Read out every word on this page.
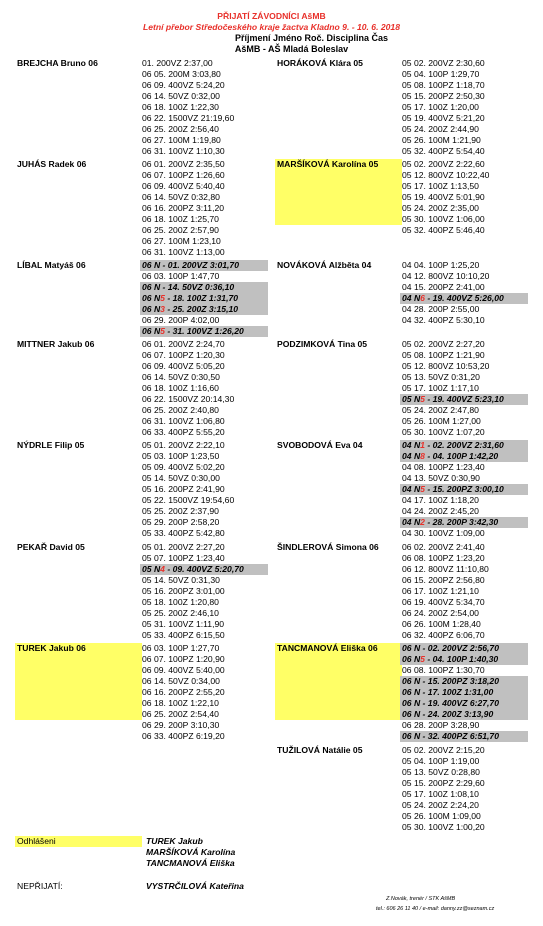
PŘIJATÍ ZÁVODNÍCI AšMB
Letní přebor Středočeského kraje žactva Kladno 9. - 10. 6. 2018
Příjmení Jméno Roč. Disciplina Čas
AšMB - AŠ Mladá Boleslav
BREJCHA Bruno 06	01. 200VZ 2:37,00
06 05. 200M 3:03,80
06 09. 400VZ 5:24,20
06 14. 50VZ 0:32,00
06 18. 100Z 1:22,30
06 22. 1500VZ 21:19,60
06 25. 200Z 2:56,40
06 27. 100M 1:19,80
06 31. 100VZ 1:10,30
JUHÁS Radek 06	06 01. 200VZ 2:35,50
06 07. 100PZ 1:26,60
06 09. 400VZ 5:40,40
06 14. 50VZ 0:32,80
06 16. 200PZ 3:11,20
06 18. 100Z 1:25,70
06 25. 200Z 2:57,90
06 27. 100M 1:23,10
06 31. 100VZ 1:13,00
LÍBAL Matyáš 06	06 N - 01. 200VZ 3:01,70
06 03. 100P 1:47,70
06 N - 14. 50VZ 0:36,10
06 N5 - 18. 100Z 1:31,70
06 N3 - 25. 200Z 3:15,10
06 29. 200P 4:02,00
06 N5 - 31. 100VZ 1:26,20
MITTNER Jakub 06	06 01. 200VZ 2:24,70
06 07. 100PZ 1:20,30
06 09. 400VZ 5:05,20
06 14. 50VZ 0:30,50
06 18. 100Z 1:16,60
06 22. 1500VZ 20:14,30
06 25. 200Z 2:40,80
06 31. 100VZ 1:06,80
06 33. 400PZ 5:55,20
NÝDRLE Filip 05	05 01. 200VZ 2:22,10
05 03. 100P 1:23,50
05 09. 400VZ 5:02,20
05 14. 50VZ 0:30,00
05 16. 200PZ 2:41,90
05 22. 1500VZ 19:54,60
05 25. 200Z 2:37,90
05 29. 200P 2:58,20
05 33. 400PZ 5:42,80
PEKAŘ David 05	05 01. 200VZ 2:27,20
05 07. 100PZ 1:23,40
05 N4 - 09. 400VZ 5:20,70
05 14. 50VZ 0:31,30
05 16. 200PZ 3:01,00
05 18. 100Z 1:20,80
05 25. 200Z 2:46,10
05 31. 100VZ 1:11,90
05 33. 400PZ 6:15,50
TUREK Jakub 06	06 03. 100P 1:27,70
06 07. 100PZ 1:20,90
06 09. 400VZ 5:40,00
06 14. 50VZ 0:34,00
06 16. 200PZ 2:55,20
06 18. 100Z 1:22,10
06 25. 200Z 2:54,40
06 29. 200P 3:10,30
06 33. 400PZ 6:19,20
HORÁKOVÁ Klára 05	05 02. 200VZ 2:30,60
05 04. 100P 1:29,70
05 08. 100PZ 1:18,70
05 15. 200PZ 2:50,30
05 17. 100Z 1:20,00
05 19. 400VZ 5:21,20
05 24. 200Z 2:44,90
05 26. 100M 1:21,90
05 32. 400PZ 5:54,40
MARŠÍKOVÁ Karolína 05	05 02. 200VZ 2:22,60
05 12. 800VZ 10:22,40
05 17. 100Z 1:13,50
05 19. 400VZ 5:01,90
05 24. 200Z 2:35,00
05 30. 100VZ 1:06,00
05 32. 400PZ 5:46,40
NOVÁKOVÁ Alžběta 04	04 04. 100P 1:25,20
04 12. 800VZ 10:10,20
04 15. 200PZ 2:41,00
04 N6 - 19. 400VZ 5:26,00
04 28. 200P 2:55,00
04 32. 400PZ 5:30,10
PODZIMKOVÁ Tina 05	05 02. 200VZ 2:27,20
05 08. 100PZ 1:21,90
05 12. 800VZ 10:53,20
05 13. 50VZ 0:31,20
05 17. 100Z 1:17,10
05 N5 - 19. 400VZ 5:23,10
05 24. 200Z 2:47,80
05 26. 100M 1:27,00
05 30. 100VZ 1:07,20
SVOBODOVÁ Eva 04	04 N1 - 02. 200VZ 2:31,60
04 N8 - 04. 100P 1:42,20
04 08. 100PZ 1:23,40
04 13. 50VZ 0:30,90
04 N5 - 15. 200PZ 3:00,10
04 17. 100Z 1:18,20
04 24. 200Z 2:45,20
04 N2 - 28. 200P 3:42,30
04 30. 100VZ 1:09,00
ŠINDLEROVÁ Simona 06	06 02. 200VZ 2:41,40
06 08. 100PZ 1:23,20
06 12. 800VZ 11:10,80
06 15. 200PZ 2:56,80
06 17. 100Z 1:21,10
06 19. 400VZ 5:34,70
06 24. 200Z 2:54,00
06 26. 100M 1:28,40
06 32. 400PZ 6:06,70
TANCMANOVÁ Eliška 06	06 N - 02. 200VZ 2:56,70
06 N5 - 04. 100P 1:40,30
06 08. 100PZ 1:30,70
06 N - 15. 200PZ 3:18,20
06 N - 17. 100Z 1:31,00
06 N - 19. 400VZ 6:27,70
06 N - 24. 200Z 3:13,90
06 28. 200P 3:28,90
06 N - 32. 400PZ 6:51,70
TUŽILOVÁ Natálie 05	05 02. 200VZ 2:15,20
05 04. 100P 1:19,00
05 13. 50VZ 0:28,80
05 15. 200PZ 2:29,60
05 17. 100Z 1:08,10
05 24. 200Z 2:24,20
05 26. 100M 1:09,00
05 30. 100VZ 1:00,20
Odhlášeni	TUREK Jakub
MARŠÍKOVÁ Karolína
TANCMANOVÁ Eliška
NEPŘIJATÍ:	VYSTRČILOVÁ Kateřina
Z.Novák, trenér / STK AšMB
tel.: 606 26 11 40 / e-mail: danny.zz@seznam.cz
